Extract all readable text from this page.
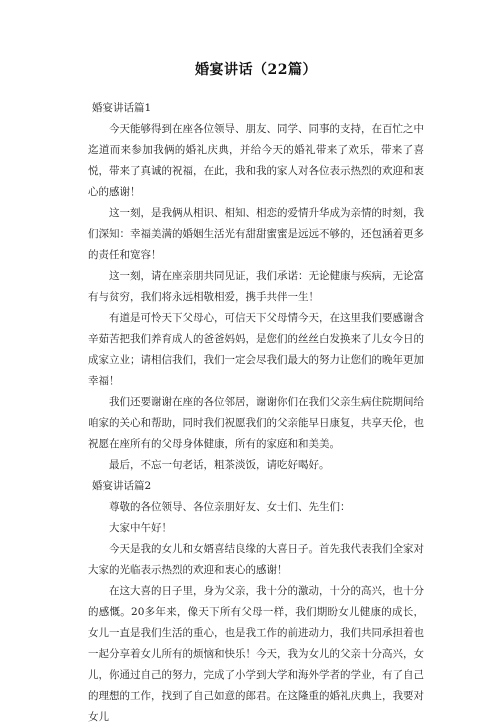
婚宴讲话（22篇）

婚宴讲话篇1

今天能够得到在座各位领导、朋友、同学、同事的支持，在百忙之中迄道而来参加我俩的婚礼庆典，并给今天的婚礼带来了欢乐，带来了喜悦，带来了真诚的祝福，在此，我和我的家人对各位表示热烈的欢迎和衷心的感谢！

这一刻，是我俩从相识、相知、相恋的爱情升华成为亲情的时刻，我们深知：幸福美满的婚姻生活光有甜甜蜜蜜是远远不够的，还包涵着更多的责任和宽容！

这一刻，请在座亲朋共同见证，我们承诺：无论健康与疾病，无论富有与贫穷，我们将永远相敬相爱，携手共伴一生！

有道是可怜天下父母心，可信天下父母情今天，在这里我们要感谢含辛茹苦把我们养育成人的爸爸妈妈，是您们的丝丝白发换来了儿女今日的成家立业；请相信我们，我们一定会尽我们最大的努力让您们的晚年更加幸福！

我们还要谢谢在座的各位邻居，谢谢你们在我们父亲生病住院期间给咱家的关心和帮助，同时我们祝愿我们的父亲能早日康复，共享天伦，也祝愿在座所有的父母身体健康，所有的家庭和和美美。

最后，不忘一句老话，粗茶淡饭，请吃好喝好。

婚宴讲话篇2

尊敬的各位领导、各位亲朋好友、女士们、先生们：

大家中午好！

今天是我的女儿和女婿喜结良缘的大喜日子。首先我代表我们全家对大家的光临表示热烈的欢迎和衷心的感谢！

在这大喜的日子里，身为父亲，我十分的激动，十分的高兴，也十分的感慨。20多年来，像天下所有父母一样，我们期盼女儿健康的成长，女儿一直是我们生活的重心，也是我工作的前进动力，我们共同承担着也一起分享着女儿所有的烦恼和快乐！今天，我为女儿的父亲十分高兴，女儿，你通过自己的努力，完成了小学到大学和海外学者的学业，有了自己的理想的工作，找到了自己如意的郎君。在这隆重的婚礼庆典上，我要对女儿
